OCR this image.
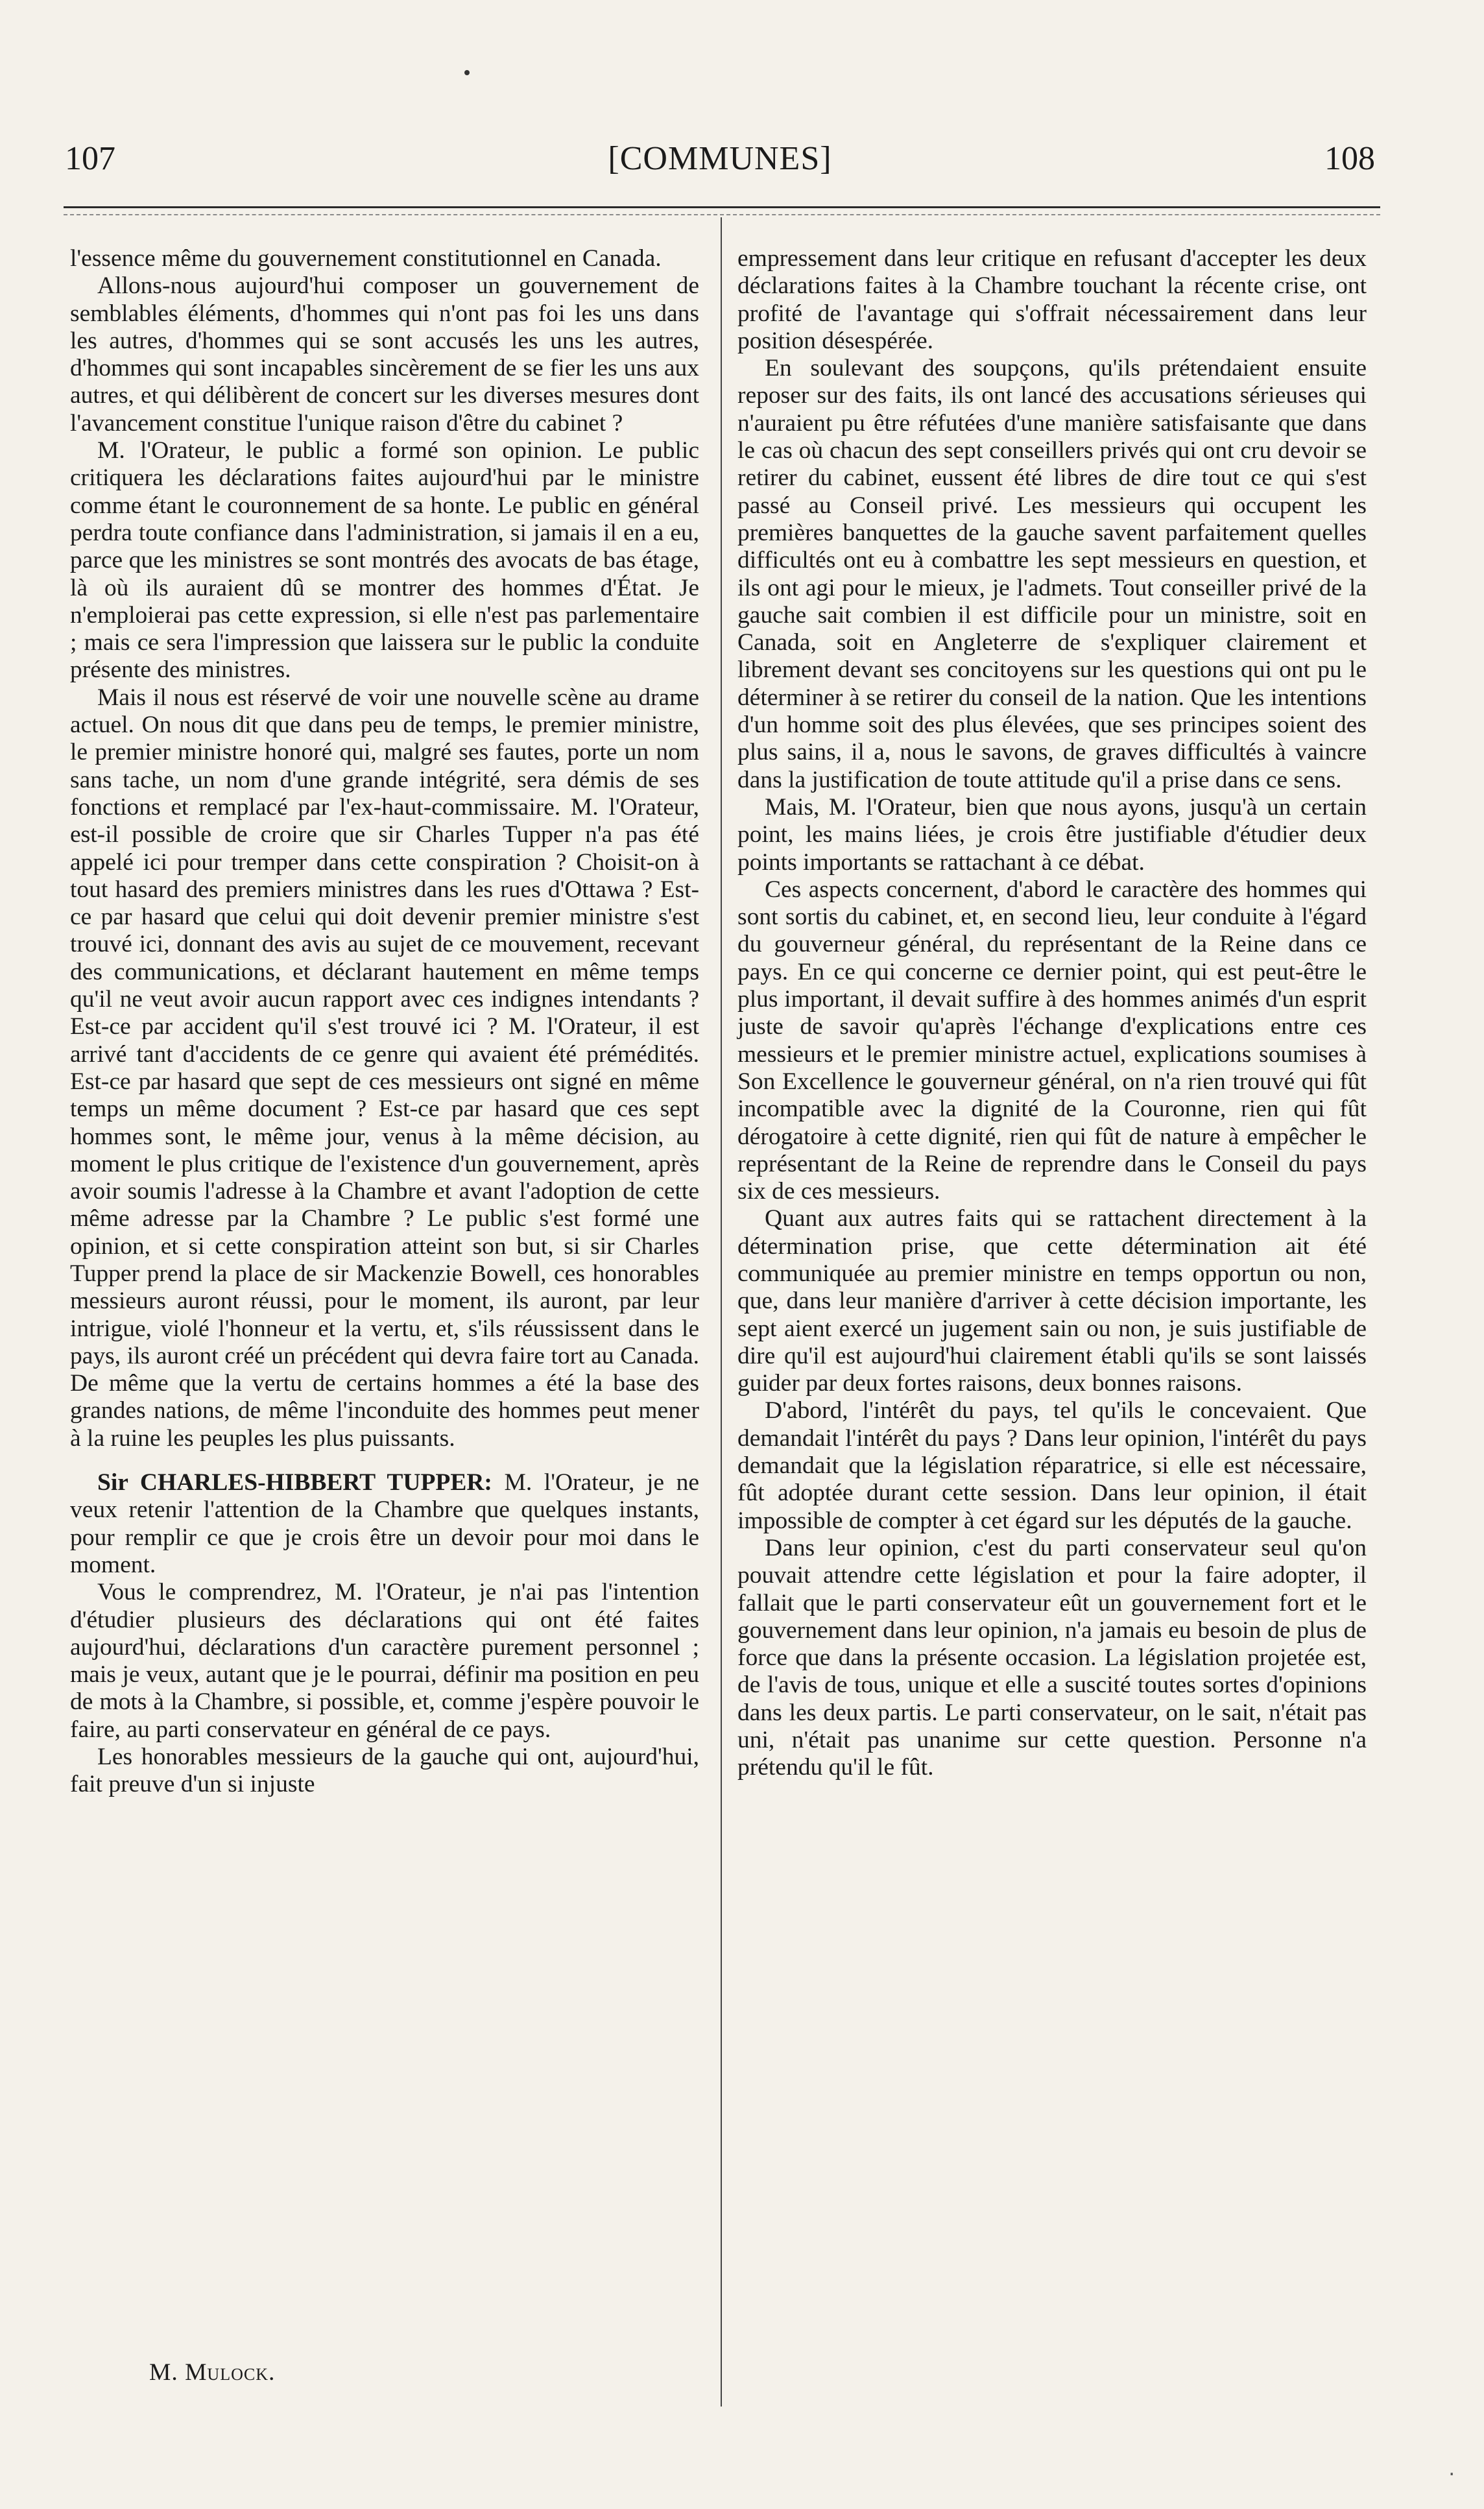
107	[COMMUNES]	108

l'essence même du gouvernement constitutionnel en Canada.

Allons-nous aujourd'hui composer un gouvernement de semblables éléments, d'hommes qui n'ont pas foi les uns dans les autres, d'hommes qui se sont accusés les uns les autres, d'hommes qui sont incapables sincèrement de se fier les uns aux autres, et qui délibèrent de concert sur les diverses mesures dont l'avancement constitue l'unique raison d'être du cabinet ?

M. l'Orateur, le public a formé son opinion. Le public critiquera les déclarations faites aujourd'hui par le ministre comme étant le couronnement de sa honte. Le public en général perdra toute confiance dans l'administration, si jamais il en a eu, parce que les ministres se sont montrés des avocats de bas étage, là où ils auraient dû se montrer des hommes d'État. Je n'emploierai pas cette expression, si elle n'est pas parlementaire ; mais ce sera l'impression que laissera sur le public la conduite présente des ministres.

Mais il nous est réservé de voir une nouvelle scène au drame actuel. On nous dit que dans peu de temps, le premier ministre, le premier ministre honoré qui, malgré ses fautes, porte un nom sans tache, un nom d'une grande intégrité, sera démis de ses fonctions et remplacé par l'ex-haut-commissaire. M. l'Orateur, est-il possible de croire que sir Charles Tupper n'a pas été appelé ici pour tremper dans cette conspiration ? Choisit-on à tout hasard des premiers ministres dans les rues d'Ottawa ? Est-ce par hasard que celui qui doit devenir premier ministre s'est trouvé ici, donnant des avis au sujet de ce mouvement, recevant des communications, et déclarant hautement en même temps qu'il ne veut avoir aucun rapport avec ces indignes intendants ? Est-ce par accident qu'il s'est trouvé ici ? M. l'Orateur, il est arrivé tant d'accidents de ce genre qui avaient été prémédités. Est-ce par hasard que sept de ces messieurs ont signé en même temps un même document ? Est-ce par hasard que ces sept hommes sont, le même jour, venus à la même décision, au moment le plus critique de l'existence d'un gouvernement, après avoir soumis l'adresse à la Chambre et avant l'adoption de cette même adresse par la Chambre ? Le public s'est formé une opinion, et si cette conspiration atteint son but, si sir Charles Tupper prend la place de sir Mackenzie Bowell, ces honorables messieurs auront réussi, pour le moment, ils auront, par leur intrigue, violé l'honneur et la vertu, et, s'ils réussissent dans le pays, ils auront créé un précédent qui devra faire tort au Canada. De même que la vertu de certains hommes a été la base des grandes nations, de même l'inconduite des hommes peut mener à la ruine les peuples les plus puissants.

Sir CHARLES-HIBBERT TUPPER: M. l'Orateur, je ne veux retenir l'attention de la Chambre que quelques instants, pour remplir ce que je crois être un devoir pour moi dans le moment.

Vous le comprendrez, M. l'Orateur, je n'ai pas l'intention d'étudier plusieurs des déclarations qui ont été faites aujourd'hui, déclarations d'un caractère purement personnel ; mais je veux, autant que je le pourrai, définir ma position en peu de mots à la Chambre, si possible, et, comme j'espère pouvoir le faire, au parti conservateur en général de ce pays.

Les honorables messieurs de la gauche qui ont, aujourd'hui, fait preuve d'un si injuste

empressement dans leur critique en refusant d'accepter les deux déclarations faites à la Chambre touchant la récente crise, ont profité de l'avantage qui s'offrait nécessairement dans leur position désespérée.

En soulevant des soupçons, qu'ils prétendaient ensuite reposer sur des faits, ils ont lancé des accusations sérieuses qui n'auraient pu être réfutées d'une manière satisfaisante que dans le cas où chacun des sept conseillers privés qui ont cru devoir se retirer du cabinet, eussent été libres de dire tout ce qui s'est passé au Conseil privé. Les messieurs qui occupent les premières banquettes de la gauche savent parfaitement quelles difficultés ont eu à combattre les sept messieurs en question, et ils ont agi pour le mieux, je l'admets. Tout conseiller privé de la gauche sait combien il est difficile pour un ministre, soit en Canada, soit en Angleterre de s'expliquer clairement et librement devant ses concitoyens sur les questions qui ont pu le déterminer à se retirer du conseil de la nation. Que les intentions d'un homme soit des plus élevées, que ses principes soient des plus sains, il a, nous le savons, de graves difficultés à vaincre dans la justification de toute attitude qu'il a prise dans ce sens.

Mais, M. l'Orateur, bien que nous ayons, jusqu'à un certain point, les mains liées, je crois être justifiable d'étudier deux points importants se rattachant à ce débat.

Ces aspects concernent, d'abord le caractère des hommes qui sont sortis du cabinet, et, en second lieu, leur conduite à l'égard du gouverneur général, du représentant de la Reine dans ce pays. En ce qui concerne ce dernier point, qui est peut-être le plus important, il devait suffire à des hommes animés d'un esprit juste de savoir qu'après l'échange d'explications entre ces messieurs et le premier ministre actuel, explications soumises à Son Excellence le gouverneur général, on n'a rien trouvé qui fût incompatible avec la dignité de la Couronne, rien qui fût dérogatoire à cette dignité, rien qui fût de nature à empêcher le représentant de la Reine de reprendre dans le Conseil du pays six de ces messieurs.

Quant aux autres faits qui se rattachent directement à la détermination prise, que cette détermination ait été communiquée au premier ministre en temps opportun ou non, que, dans leur manière d'arriver à cette décision importante, les sept aient exercé un jugement sain ou non, je suis justifiable de dire qu'il est aujourd'hui clairement établi qu'ils se sont laissés guider par deux fortes raisons, deux bonnes raisons.

D'abord, l'intérêt du pays, tel qu'ils le concevaient. Que demandait l'intérêt du pays ? Dans leur opinion, l'intérêt du pays demandait que la législation réparatrice, si elle est nécessaire, fût adoptée durant cette session. Dans leur opinion, il était impossible de compter à cet égard sur les députés de la gauche.

Dans leur opinion, c'est du parti conservateur seul qu'on pouvait attendre cette législation et pour la faire adopter, il fallait que le parti conservateur eût un gouvernement fort et le gouvernement dans leur opinion, n'a jamais eu besoin de plus de force que dans la présente occasion. La législation projetée est, de l'avis de tous, unique et elle a suscité toutes sortes d'opinions dans les deux partis. Le parti conservateur, on le sait, n'était pas uni, n'était pas unanime sur cette question. Personne n'a prétendu qu'il le fût.

M. Mulock.
·
